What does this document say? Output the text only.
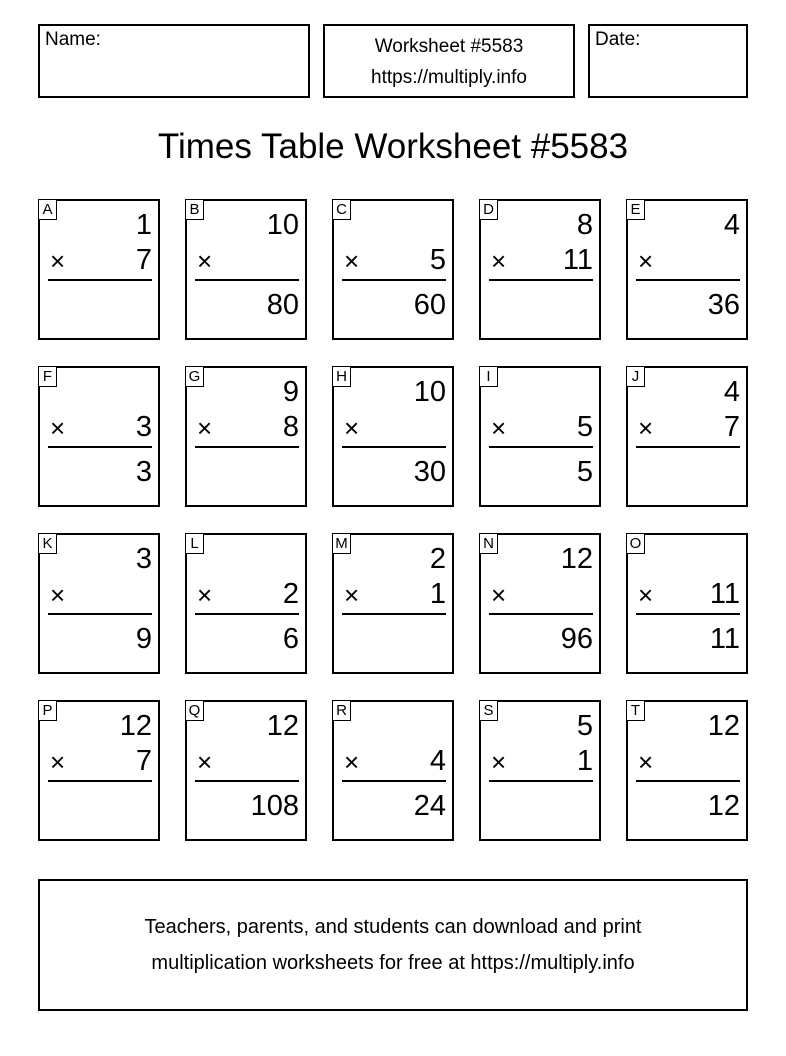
Name:	Worksheet #5583
https://multiply.info
Date:
Times Table Worksheet #5583
A	1
× 7
B 10
×
80
C
× 5
60
D	8
× 11
E	4
×
36
F
× 3
3
G	9
× 8
H 10
×
30
I
× 5
5
J	4
× 7
K	3
×
9
L
× 2
6
M	2
× 1
N 12
×
96
O
× 11
11
P 12
× 7
Q 12
×
108
R
× 4
24
S	5
× 1
T 12
×
12
Teachers, parents, and students can download and print
multiplication worksheets for free at https://multiply.info
